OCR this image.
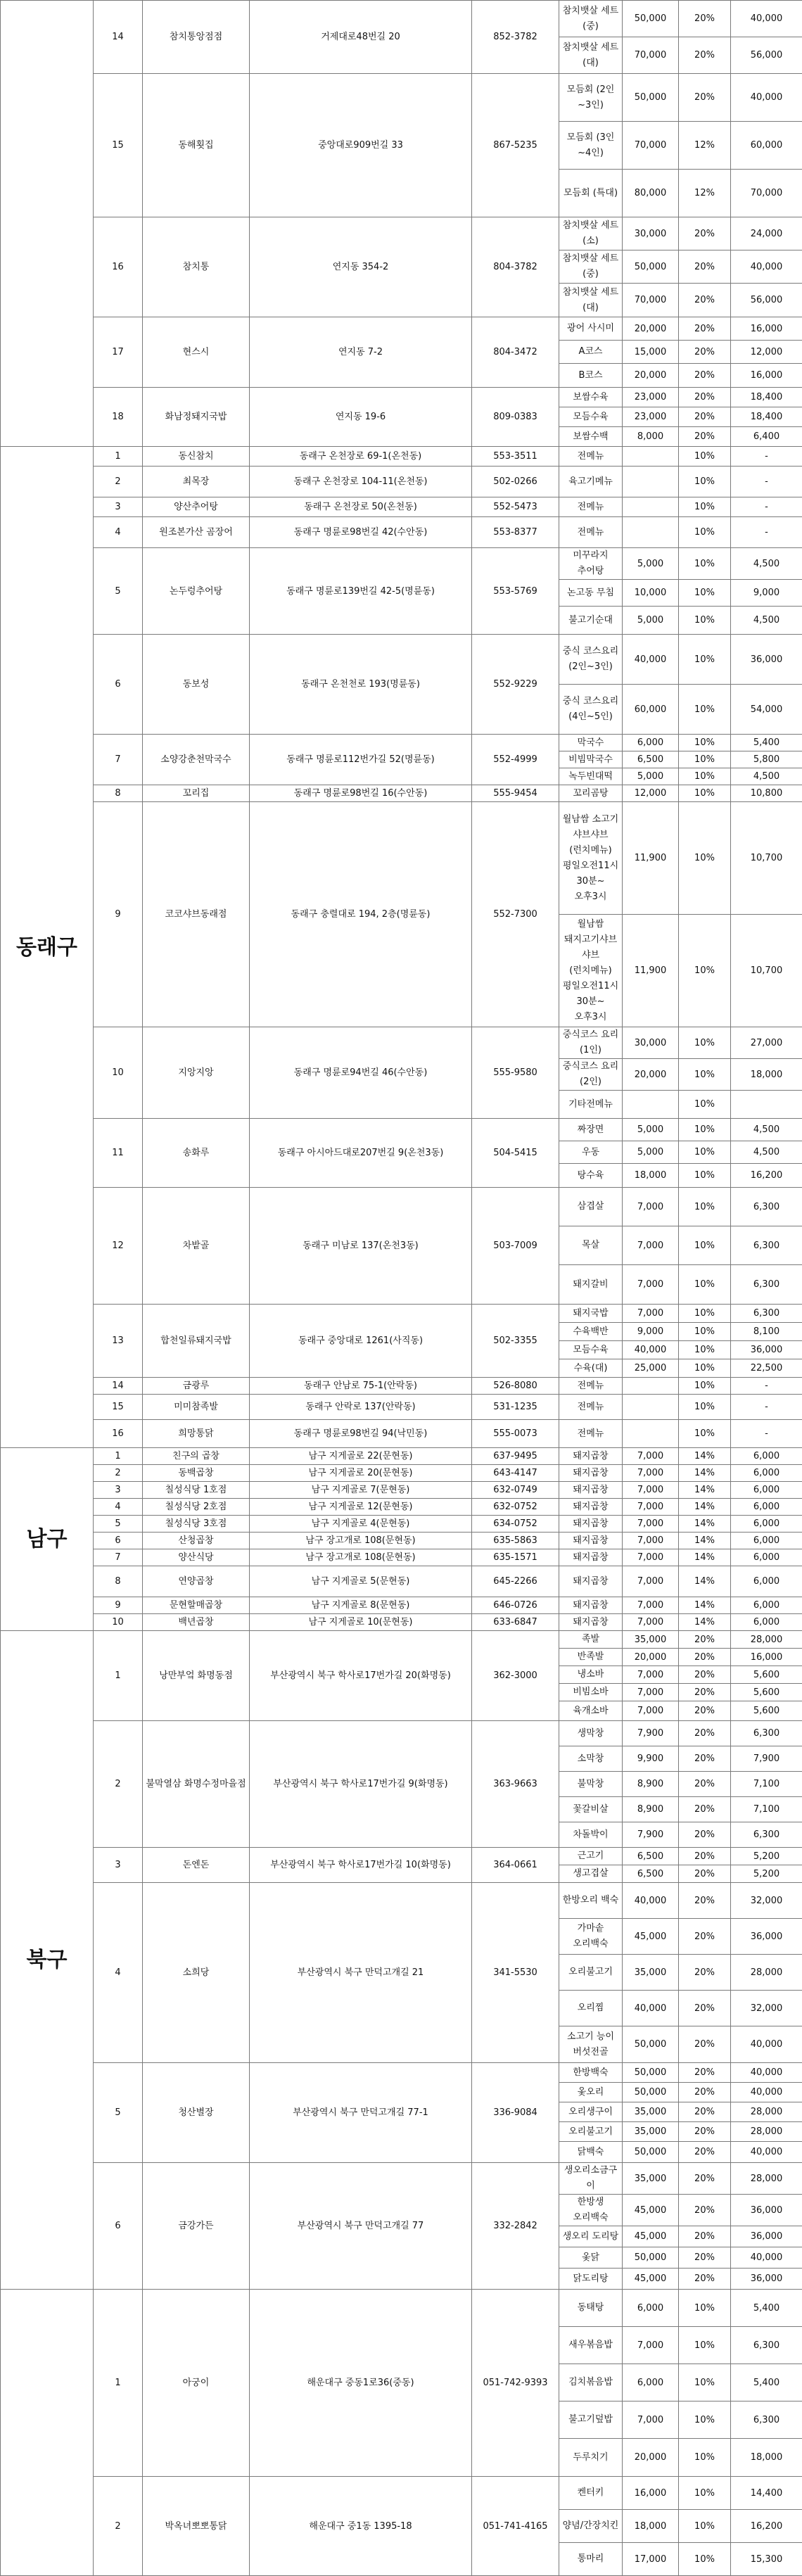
	14	참치통앙점점	거제대로48번길 20	852-3782	참치뱃살 세트(중)	50,000	20%	40,000
					참치뱃살 세트(대)	70,000	20%	56,000
	15	동해횟집	중앙대로909번길 33	867-5235	모듬회 (2인~3인)	50,000	20%	40,000
					모듬회 (3인~4인)	70,000	12%	60,000
					모듬회 (특대)	80,000	12%	70,000
	16	참치통	연지동 354-2	804-3782	참치뱃살 세트(소)	30,000	20%	24,000
					참치뱃살 세트(중)	50,000	20%	40,000
					참치뱃살 세트(대)	70,000	20%	56,000
	17	현스시	연지동 7-2	804-3472	광어 사시미	20,000	20%	16,000
					A코스	15,000	20%	12,000
					B코스	20,000	20%	16,000
	18	화남정돼지국밥	연지동 19-6	809-0383	보쌈수육	23,000	20%	18,400
					모듬수육	23,000	20%	18,400
					보쌈수백	8,000	20%	6,400
동래구	1	동신참치	동래구 온천장로 69-1(온천동)	553-3511	전메뉴		10%	-
	2	최목장	동래구 온천장로 104-11(온천동)	502-0266	육고기메뉴		10%	-
	3	양산추어탕	동래구 온천장로 50(온천동)	552-5473	전메뉴		10%	-
	4	원조본가산 곰장어	동래구 명륜로98번길 42(수안동)	553-8377	전메뉴		10%	-
	5	논두렁추어탕	동래구 명륜로139번길 42-5(명륜동)	553-5769	미꾸라지 추어탕	5,000	10%	4,500
					논고동 무침	10,000	10%	9,000
					불고기순대	5,000	10%	4,500
	6	동보성	동래구 온천천로 193(명륜동)	552-9229	중식 코스요리 (2인~3인)	40,000	10%	36,000
					중식 코스요리 (4인~5인)	60,000	10%	54,000
	7	소양강춘천막국수	동래구 명륜로112번가길 52(명륜동)	552-4999	막국수	6,000	10%	5,400
					비빔막국수	6,500	10%	5,800
					녹두빈대떡	5,000	10%	4,500
	8	꼬리집	동래구 명륜로98번길 16(수안동)	555-9454	꼬리곰탕	12,000	10%	10,800
	9	코코샤브동래점	동래구 충렬대로 194, 2층(명륜동)	552-7300	월남쌈 소고기 샤브샤브(런치메뉴) 평일오전11시 30분~오후3시	11,900	10%	10,700
					월남쌈 돼지고기샤브샤브(런치메뉴) 평일오전11시 30분~오후3시	11,900	10%	10,700
	10	지앙지앙	동래구 명륜로94번길 46(수안동)	555-9580	중식코스 요리(1인)	30,000	10%	27,000
					중식코스 요리(2인)	20,000	10%	18,000
					기타전메뉴		10%	
	11	송화루	동래구 아시아드대로207번길 9(온천3동)	504-5415	짜장면	5,000	10%	4,500
					우동	5,000	10%	4,500
					탕수육	18,000	10%	16,200
	12	차밭골	동래구 미남로 137(온천3동)	503-7009	삼겹살	7,000	10%	6,300
					목살	7,000	10%	6,300
					돼지갈비	7,000	10%	6,300
	13	합천일류돼지국밥	동래구 중앙대로 1261(사직동)	502-3355	돼지국밥	7,000	10%	6,300
					수육백반	9,000	10%	8,100
					모듬수육	40,000	10%	36,000
					수육(대)	25,000	10%	22,500
	14	금광루	동래구 안남로 75-1(안락동)	526-8080	전메뉴		10%	-
	15	미미참족발	동래구 안락로 137(안락동)	531-1235	전메뉴		10%	-
	16	희망통닭	동래구 명륜로98번길 94(낙민동)	555-0073	전메뉴		10%	-
남구	1	친구의 곱창	남구 지게골로 22(문현동)	637-9495	돼지곱창	7,000	14%	6,000
	2	동백곱창	남구 지게골로 20(문현동)	643-4147	돼지곱창	7,000	14%	6,000
	3	칠성식당 1호점	남구 지게골로 7(문현동)	632-0749	돼지곱창	7,000	14%	6,000
	4	칠성식당 2호점	남구 지게골로 12(문현동)	632-0752	돼지곱창	7,000	14%	6,000
	5	칠성식당 3호점	남구 지게골로 4(문현동)	634-0752	돼지곱창	7,000	14%	6,000
	6	산청곱창	남구 장고개로 108(문현동)	635-5863	돼지곱창	7,000	14%	6,000
	7	양산식당	남구 장고개로 108(문현동)	635-1571	돼지곱창	7,000	14%	6,000
	8	연양곱창	남구 지게골로 5(문현동)	645-2266	돼지곱창	7,000	14%	6,000
	9	문현할매곱창	남구 지게골로 8(문현동)	646-0726	돼지곱창	7,000	14%	6,000
	10	백년곱창	남구 지게골로 10(문현동)	633-6847	돼지곱창	7,000	14%	6,000
북구	1	낭만부엌 화명동점	부산광역시 북구 학사로17번가길 20(화명동)	362-3000	족발	35,000	20%	28,000
					반족발	20,000	20%	16,000
					냉소바	7,000	20%	5,600
					비빔소바	7,000	20%	5,600
					육개소바	7,000	20%	5,600
	2	불막열삼 화명수정마을점	부산광역시 북구 학사로17번가길 9(화명동)	363-9663	생막창	7,900	20%	6,300
					소막창	9,900	20%	7,900
					불막창	8,900	20%	7,100
					꽃갈비살	8,900	20%	7,100
					차돌박이	7,900	20%	6,300
	3	돈엔돈	부산광역시 북구 학사로17번가길 10(화명동)	364-0661	근고기	6,500	20%	5,200
					생고겹살	6,500	20%	5,200
	4	소희당	부산광역시 북구 만덕고개길 21	341-5530	한방오리 백숙	40,000	20%	32,000
					가마솥 오리백숙	45,000	20%	36,000
					오리불고기	35,000	20%	28,000
					오리찜	40,000	20%	32,000
					소고기 능이 버섯전골	50,000	20%	40,000
	5	청산별장	부산광역시 북구 만덕고개길 77-1	336-9084	한방백숙	50,000	20%	40,000
					옻오리	50,000	20%	40,000
					오리생구이	35,000	20%	28,000
					오리불고기	35,000	20%	28,000
					닭백숙	50,000	20%	40,000
	6	금강가든	부산광역시 북구 만덕고개길 77	332-2842	생오리소금구이	35,000	20%	28,000
					한방생 오리백숙	45,000	20%	36,000
					생오리 도리탕	45,000	20%	36,000
					옻닭	50,000	20%	40,000
					닭도리탕	45,000	20%	36,000
	1	아궁이	해운대구 중동1로36(중동)	051-742-9393	동태탕	6,000	10%	5,400
					새우볶음밥	7,000	10%	6,300
					김치볶음밥	6,000	10%	5,400
					불고기덮밥	7,000	10%	6,300
					두루치기	20,000	10%	18,000
	2	박옥녀뽀뽀통닭	해운대구 중1동 1395-18	051-741-4165	켄터키	16,000	10%	14,400
					양념/간장치킨	18,000	10%	16,200
					통마리	17,000	10%	15,300
